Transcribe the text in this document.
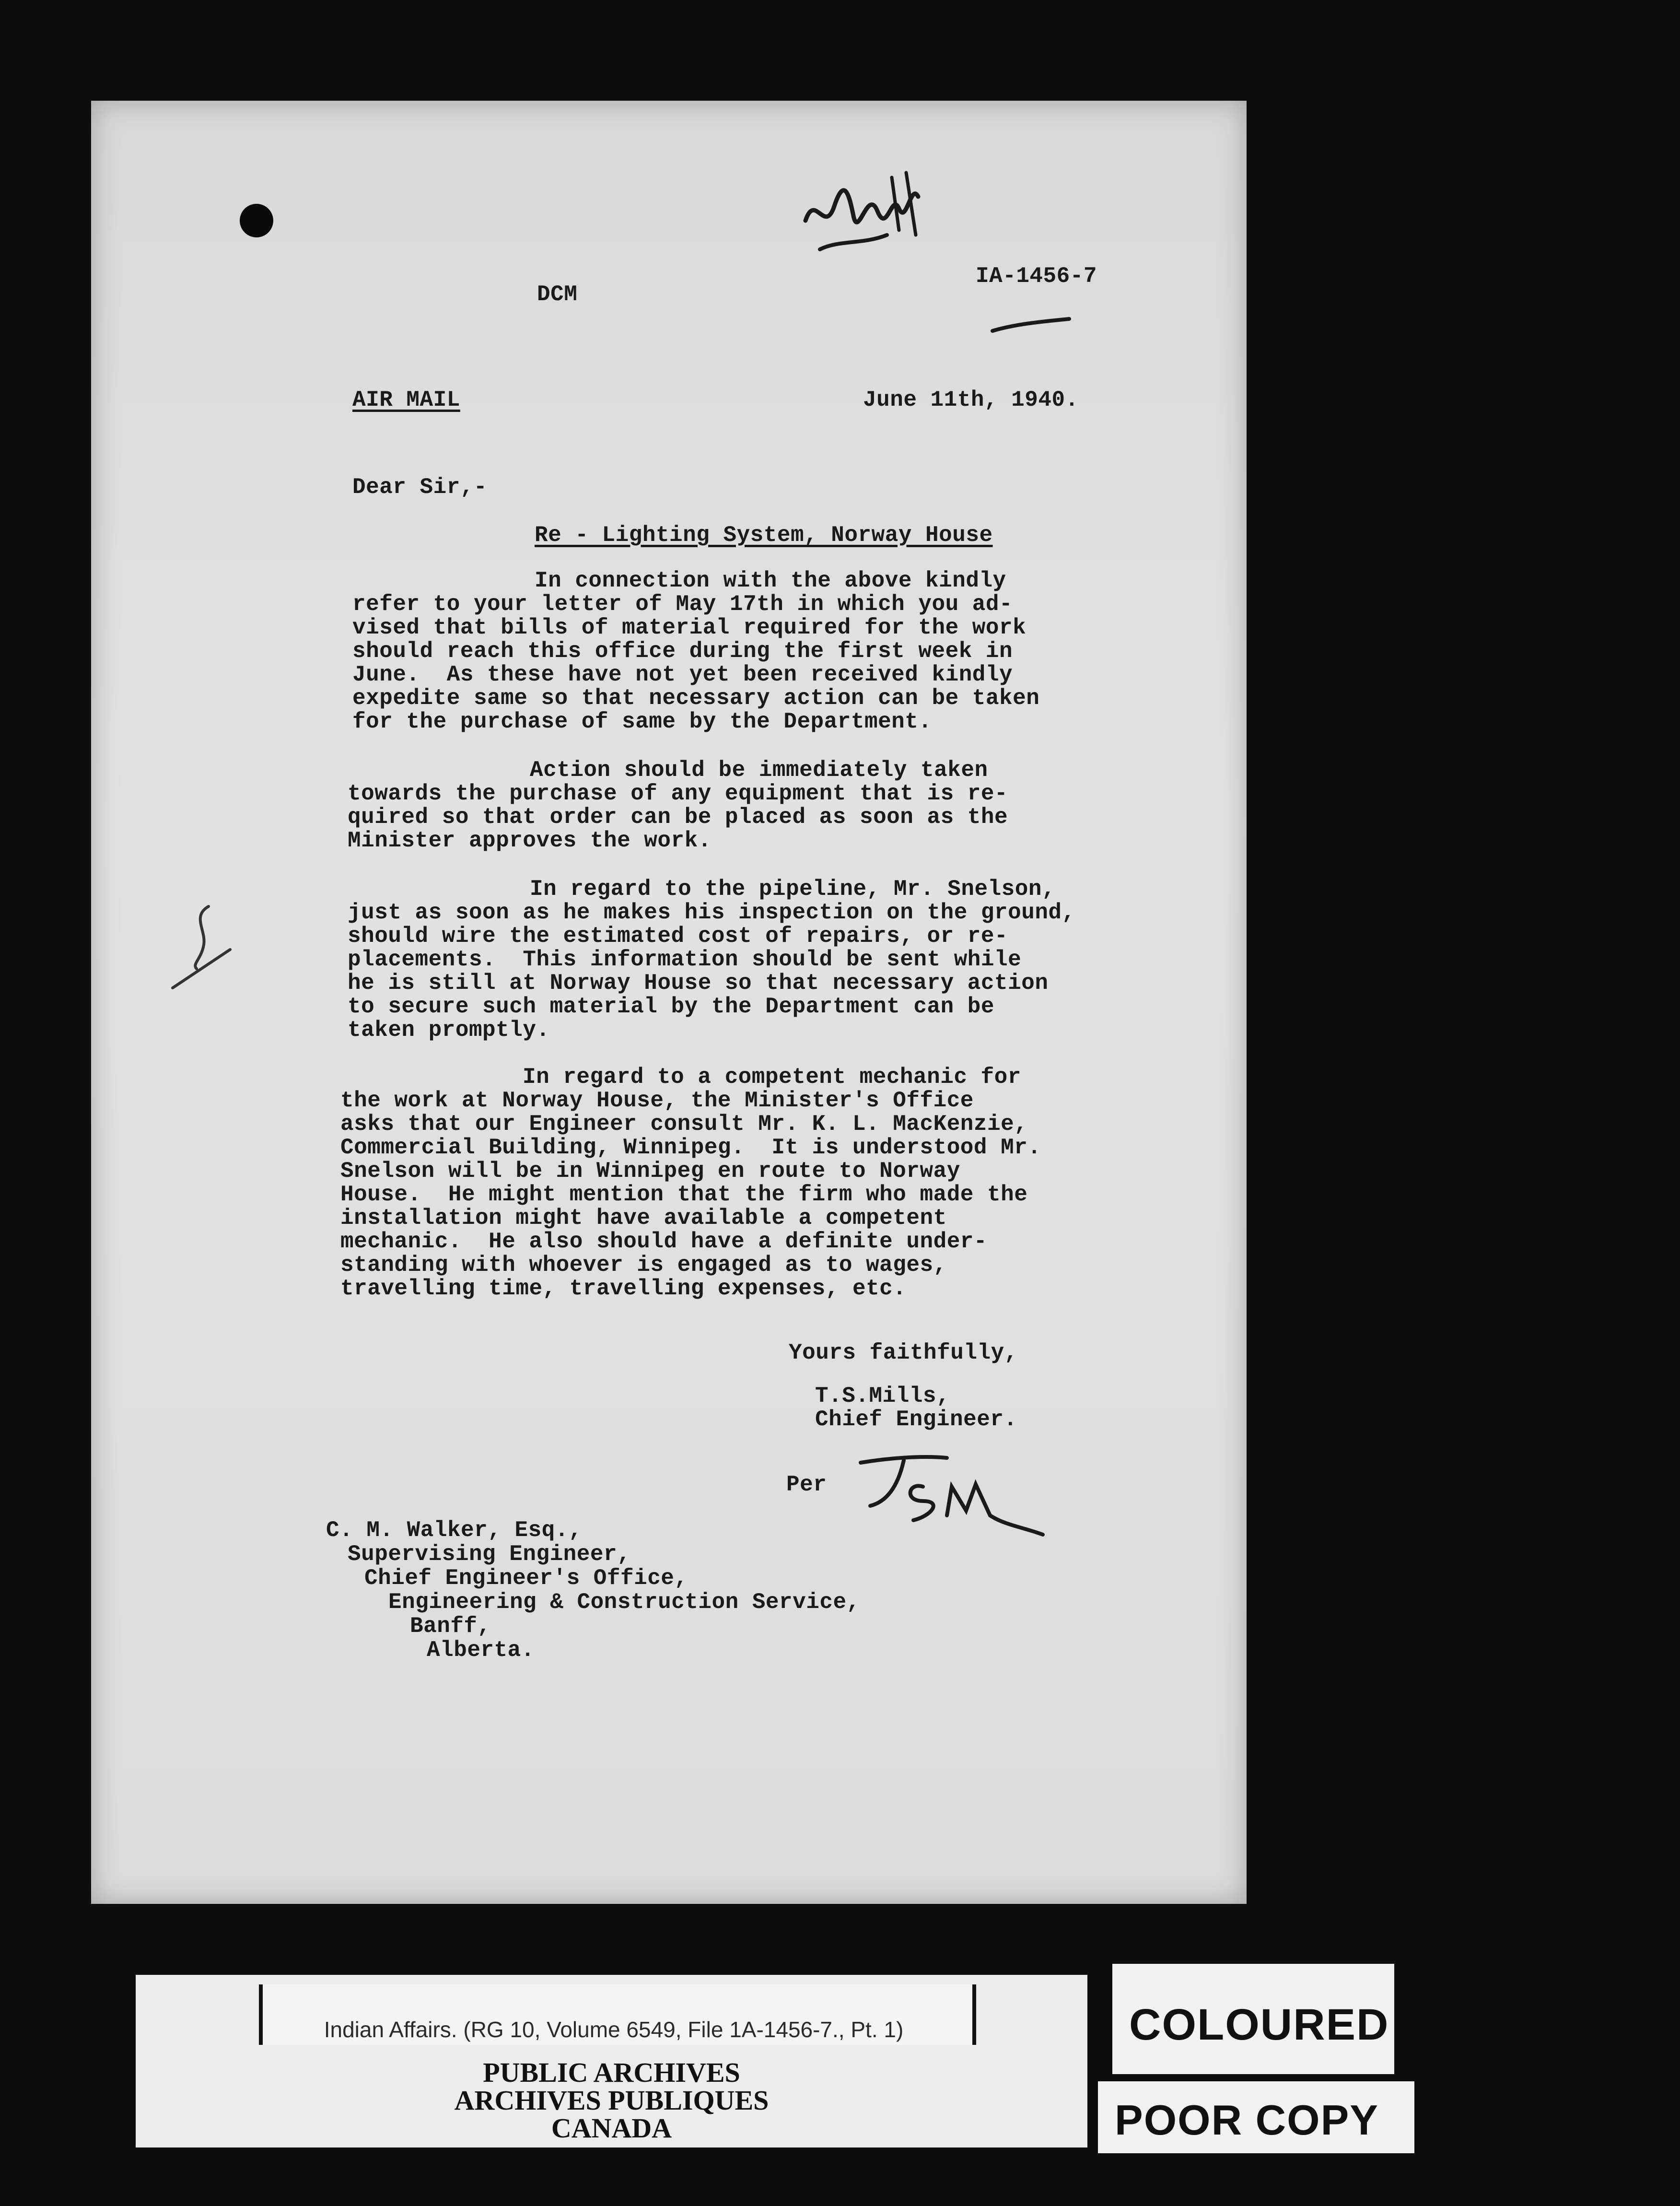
DCM
IA-1456-7
AIR MAIL	June 11th, 1940.
Dear Sir,-
Re - Lighting System, Norway House
In connection with the above kindly
refer to your letter of May 17th in which you ad-
vised that bills of material required for the work
should reach this office during the first week in
June.  As these have not yet been received kindly
expedite same so that necessary action can be taken
for the purchase of same by the Department.
Action should be immediately taken
towards the purchase of any equipment that is re-
quired so that order can be placed as soon as the
Minister approves the work.
In regard to the pipeline, Mr. Snelson,
just as soon as he makes his inspection on the ground,
should wire the estimated cost of repairs, or re-
placements.  This information should be sent while
he is still at Norway House so that necessary action
to secure such material by the Department can be
taken promptly.
In regard to a competent mechanic for
the work at Norway House, the Minister's Office
asks that our Engineer consult Mr. K. L. MacKenzie,
Commercial Building, Winnipeg.  It is understood Mr.
Snelson will be in Winnipeg en route to Norway
House.  He might mention that the firm who made the
installation might have available a competent
mechanic.  He also should have a definite under-
standing with whoever is engaged as to wages,
travelling time, travelling expenses, etc.
Yours faithfully,
T.S.Mills,
Chief Engineer.
Per
C. M. Walker, Esq.,
Supervising Engineer,
Chief Engineer's Office,
Engineering & Construction Service,
Banff,
Alberta.
Indian Affairs. (RG 10, Volume 6549, File 1A-1456-7., Pt. 1)
PUBLIC ARCHIVES
ARCHIVES PUBLIQUES
CANADA
COLOURED
POOR COPY
